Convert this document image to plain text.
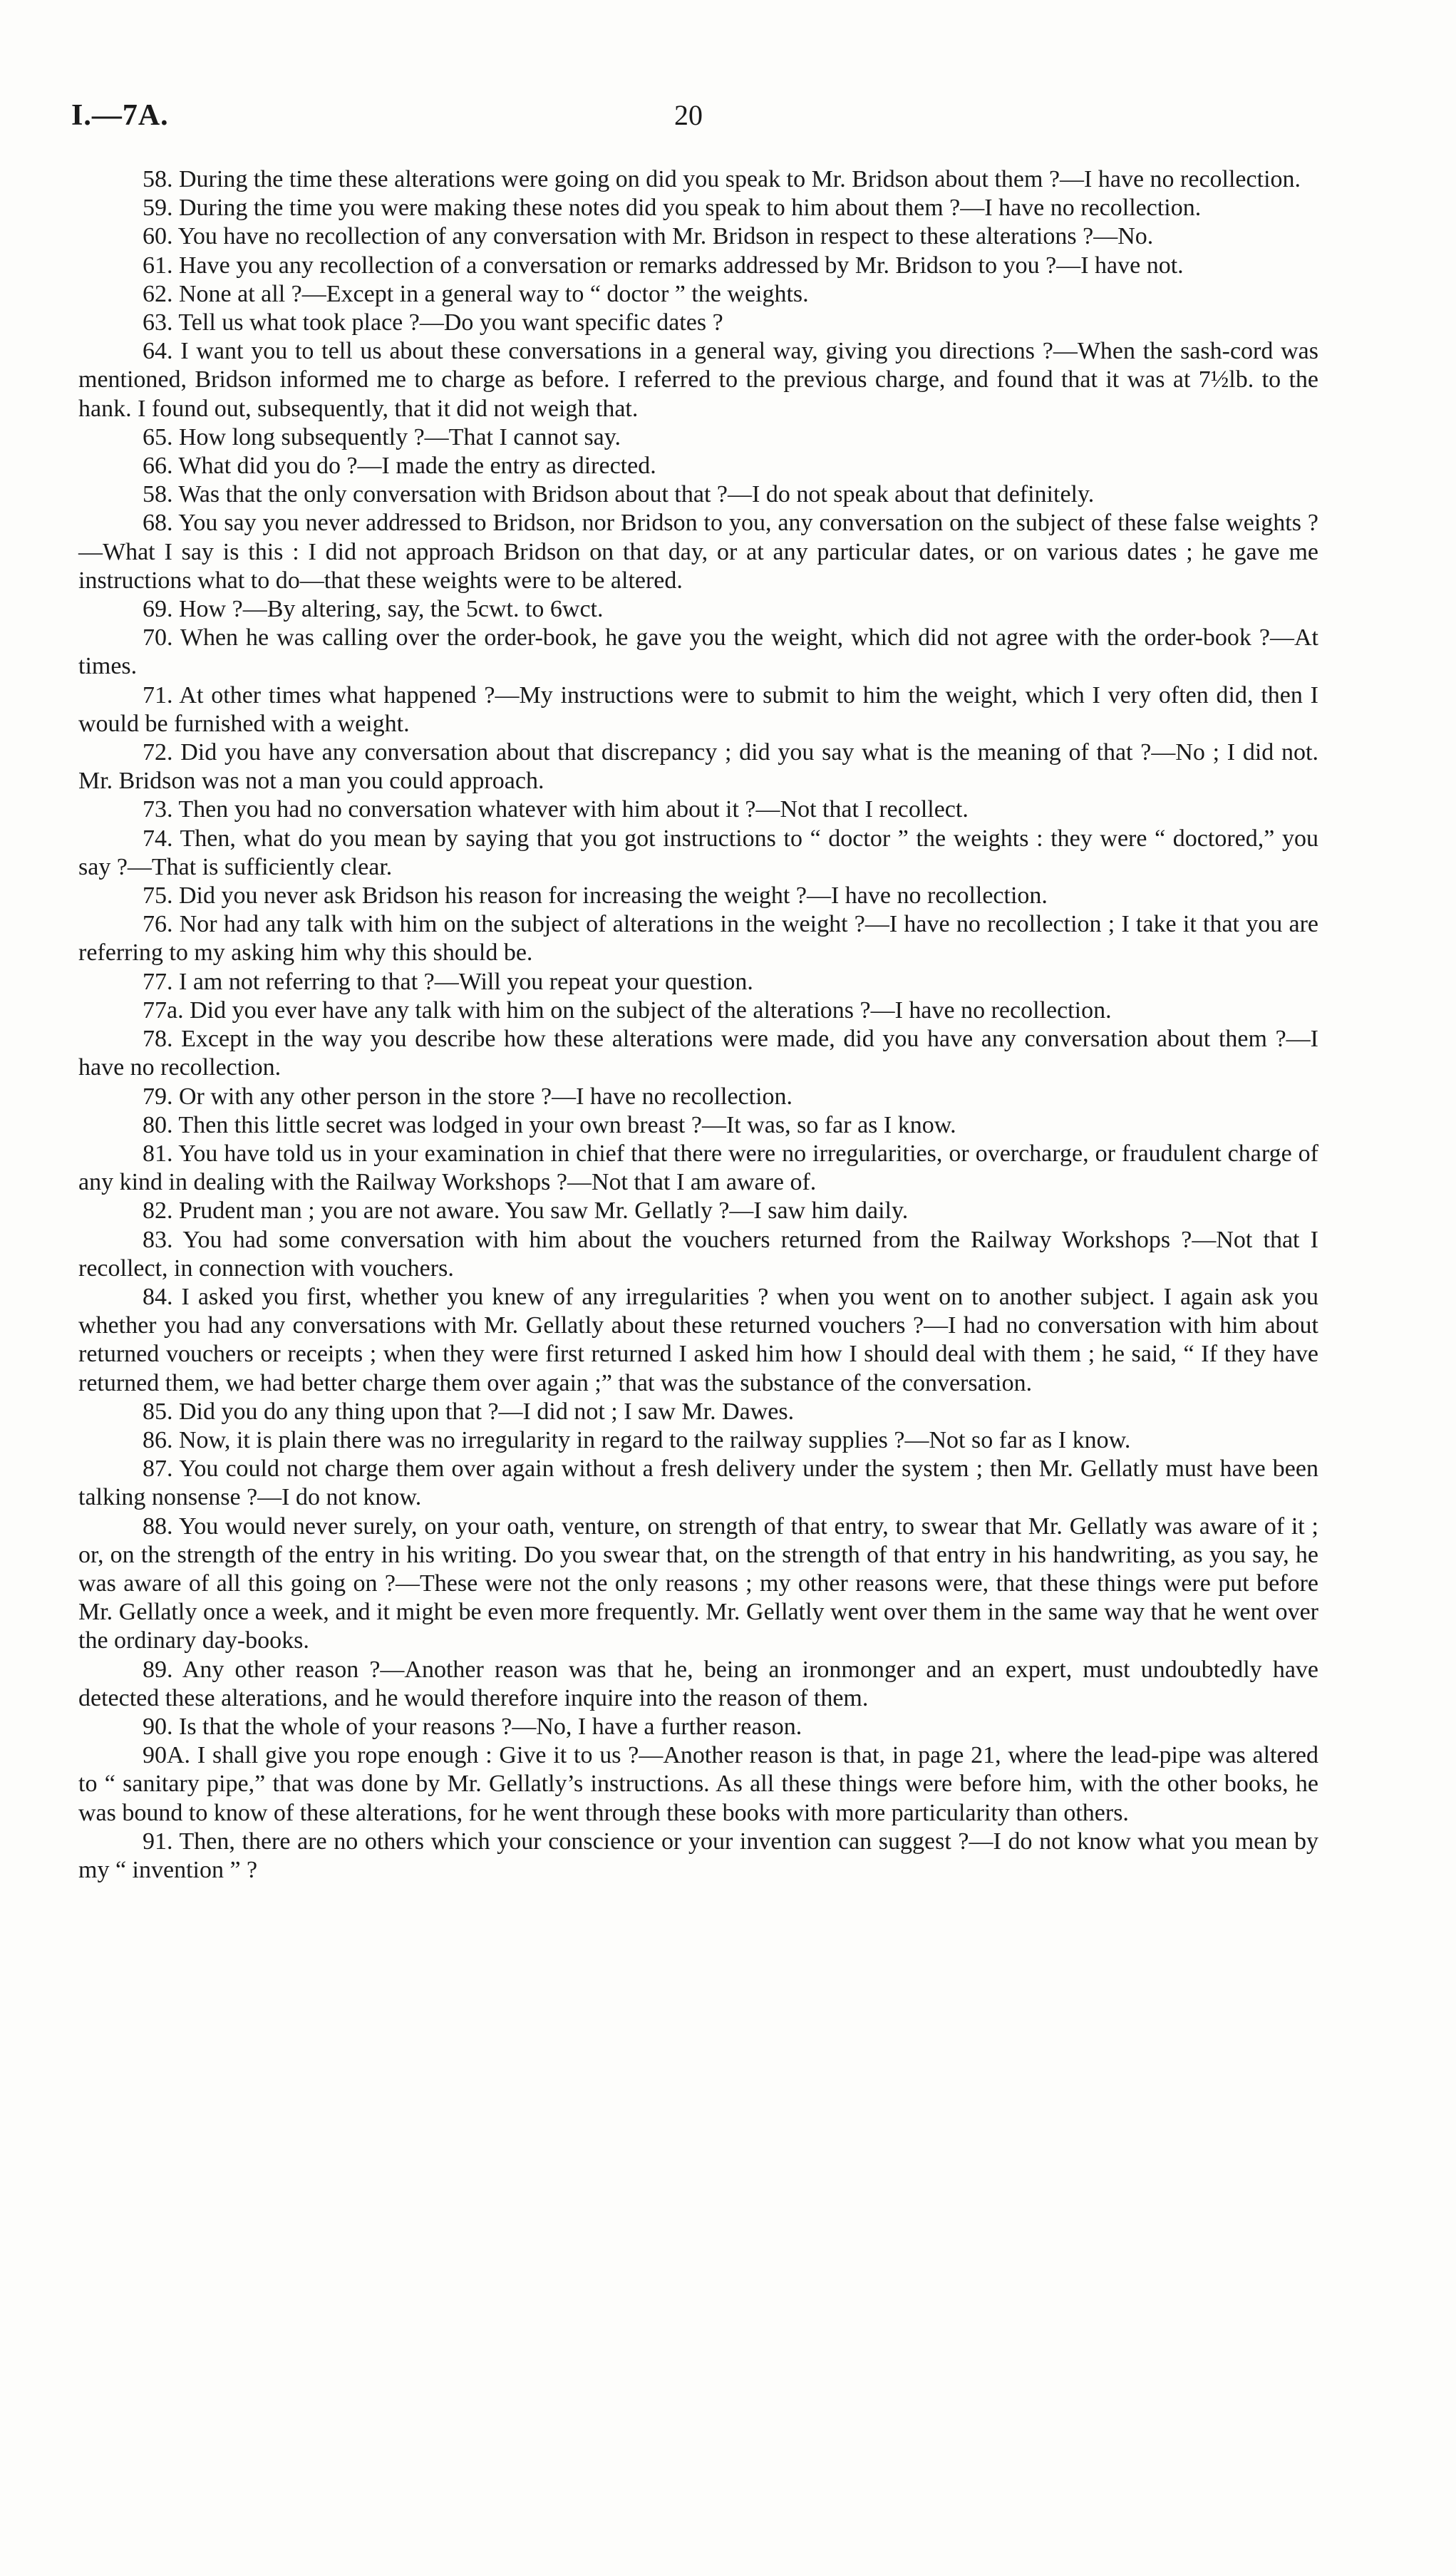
I.—7A.	20

58. During the time these alterations were going on did you speak to Mr. Bridson about them ?—I have no recollection.

59. During the time you were making these notes did you speak to him about them ?—I have no recollection.

60. You have no recollection of any conversation with Mr. Bridson in respect to these alterations ?—No.

61. Have you any recollection of a conversation or remarks addressed by Mr. Bridson to you ?—I have not.

62. None at all ?—Except in a general way to “ doctor ” the weights.

63. Tell us what took place ?—Do you want specific dates ?

64. I want you to tell us about these conversations in a general way, giving you directions ?—When the sash-cord was mentioned, Bridson informed me to charge as before. I referred to the previous charge, and found that it was at 7½lb. to the hank. I found out, subsequently, that it did not weigh that.

65. How long subsequently ?—That I cannot say.

66. What did you do ?—I made the entry as directed.

58. Was that the only conversation with Bridson about that ?—I do not speak about that definitely.

68. You say you never addressed to Bridson, nor Bridson to you, any conversation on the subject of these false weights ?—What I say is this : I did not approach Bridson on that day, or at any particular dates, or on various dates ; he gave me instructions what to do—that these weights were to be altered.

69. How ?—By altering, say, the 5cwt. to 6wct.

70. When he was calling over the order-book, he gave you the weight, which did not agree with the order-book ?—At times.

71. At other times what happened ?—My instructions were to submit to him the weight, which I very often did, then I would be furnished with a weight.

72. Did you have any conversation about that discrepancy ; did you say what is the meaning of that ?—No ; I did not. Mr. Bridson was not a man you could approach.

73. Then you had no conversation whatever with him about it ?—Not that I recollect.

74. Then, what do you mean by saying that you got instructions to “ doctor ” the weights : they were “ doctored,” you say ?—That is sufficiently clear.

75. Did you never ask Bridson his reason for increasing the weight ?—I have no recollection.

76. Nor had any talk with him on the subject of alterations in the weight ?—I have no recollection ; I take it that you are referring to my asking him why this should be.

77. I am not referring to that ?—Will you repeat your question.

77a. Did you ever have any talk with him on the subject of the alterations ?—I have no recollection.

78. Except in the way you describe how these alterations were made, did you have any conversation about them ?—I have no recollection.

79. Or with any other person in the store ?—I have no recollection.

80. Then this little secret was lodged in your own breast ?—It was, so far as I know.

81. You have told us in your examination in chief that there were no irregularities, or overcharge, or fraudulent charge of any kind in dealing with the Railway Workshops ?—Not that I am aware of.

82. Prudent man ; you are not aware. You saw Mr. Gellatly ?—I saw him daily.

83. You had some conversation with him about the vouchers returned from the Railway Workshops ?—Not that I recollect, in connection with vouchers.

84. I asked you first, whether you knew of any irregularities ? when you went on to another subject. I again ask you whether you had any conversations with Mr. Gellatly about these returned vouchers ?—I had no conversation with him about returned vouchers or receipts ; when they were first returned I asked him how I should deal with them ; he said, “ If they have returned them, we had better charge them over again ;” that was the substance of the conversation.

85. Did you do any thing upon that ?—I did not ; I saw Mr. Dawes.

86. Now, it is plain there was no irregularity in regard to the railway supplies ?—Not so far as I know.

87. You could not charge them over again without a fresh delivery under the system ; then Mr. Gellatly must have been talking nonsense ?—I do not know.

88. You would never surely, on your oath, venture, on strength of that entry, to swear that Mr. Gellatly was aware of it ; or, on the strength of the entry in his writing. Do you swear that, on the strength of that entry in his handwriting, as you say, he was aware of all this going on ?—These were not the only reasons ; my other reasons were, that these things were put before Mr. Gellatly once a week, and it might be even more frequently. Mr. Gellatly went over them in the same way that he went over the ordinary day-books.

89. Any other reason ?—Another reason was that he, being an ironmonger and an expert, must undoubtedly have detected these alterations, and he would therefore inquire into the reason of them.

90. Is that the whole of your reasons ?—No, I have a further reason.

90A. I shall give you rope enough : Give it to us ?—Another reason is that, in page 21, where the lead-pipe was altered to “ sanitary pipe,” that was done by Mr. Gellatly’s instructions. As all these things were before him, with the other books, he was bound to know of these alterations, for he went through these books with more particularity than others.

91. Then, there are no others which your conscience or your invention can suggest ?—I do not know what you mean by my “ invention ” ?
